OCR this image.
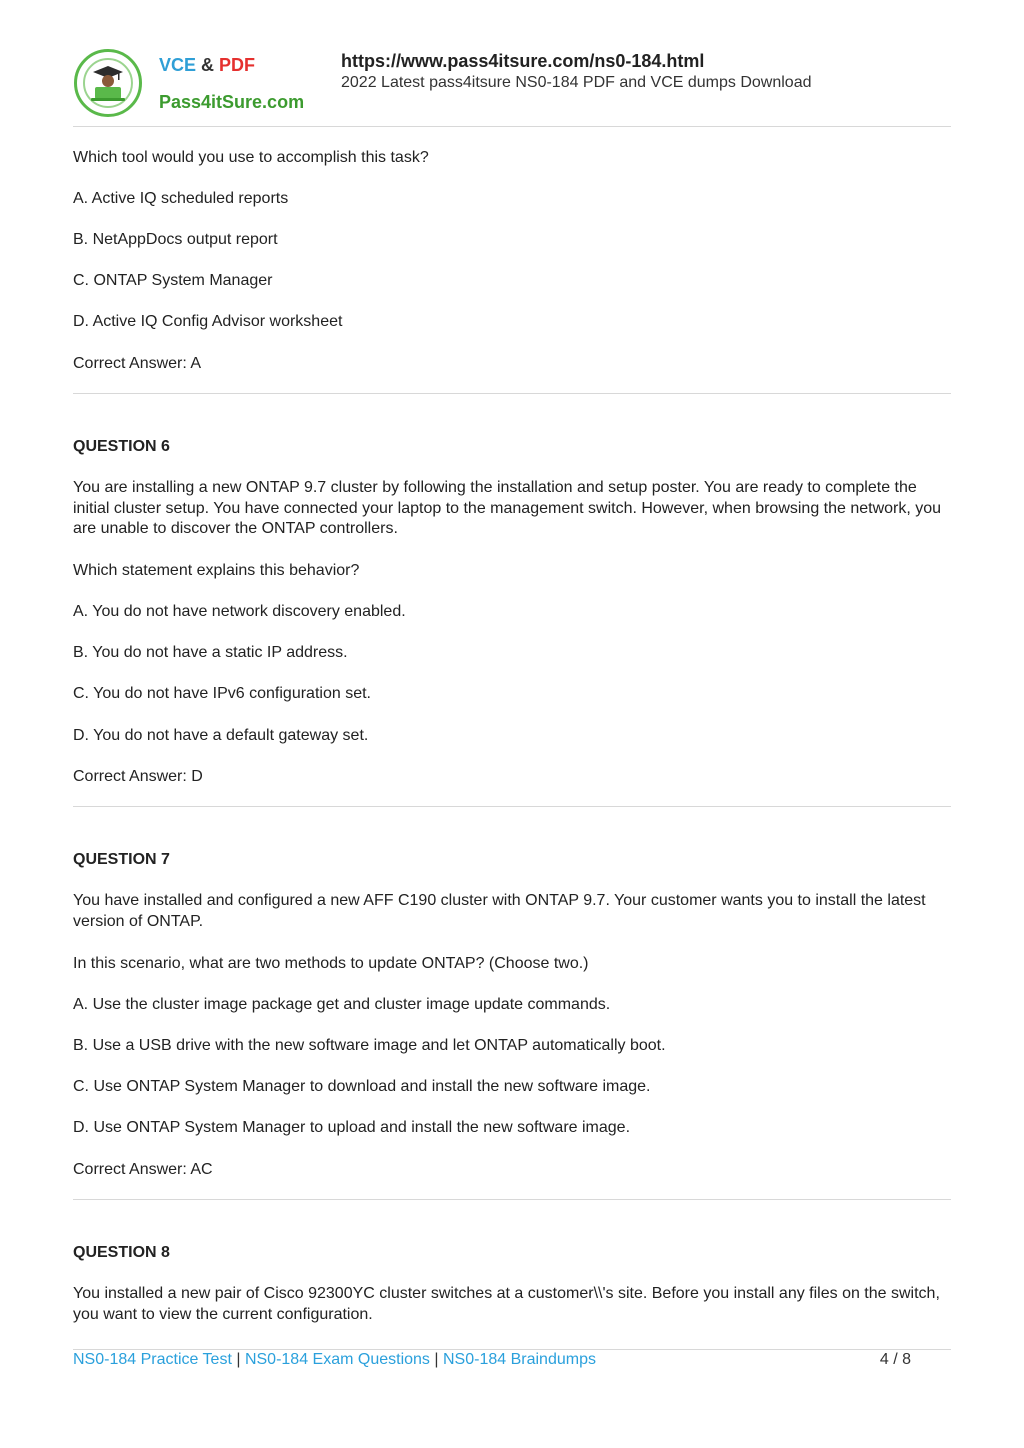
VCE & PDF
Pass4itSure.com
https://www.pass4itsure.com/ns0-184.html
2022 Latest pass4itsure NS0-184 PDF and VCE dumps Download
Which tool would you use to accomplish this task?
A. Active IQ scheduled reports
B. NetAppDocs output report
C. ONTAP System Manager
D. Active IQ Config Advisor worksheet
Correct Answer: A
QUESTION 6
You are installing a new ONTAP 9.7 cluster by following the installation and setup poster. You are ready to complete the initial cluster setup. You have connected your laptop to the management switch. However, when browsing the network, you are unable to discover the ONTAP controllers.
Which statement explains this behavior?
A. You do not have network discovery enabled.
B. You do not have a static IP address.
C. You do not have IPv6 configuration set.
D. You do not have a default gateway set.
Correct Answer: D
QUESTION 7
You have installed and configured a new AFF C190 cluster with ONTAP 9.7. Your customer wants you to install the latest version of ONTAP.
In this scenario, what are two methods to update ONTAP? (Choose two.)
A. Use the cluster image package get and cluster image update commands.
B. Use a USB drive with the new software image and let ONTAP automatically boot.
C. Use ONTAP System Manager to download and install the new software image.
D. Use ONTAP System Manager to upload and install the new software image.
Correct Answer: AC
QUESTION 8
You installed a new pair of Cisco 92300YC cluster switches at a customer\\'s site. Before you install any files on the switch, you want to view the current configuration.
NS0-184 Practice Test | NS0-184 Exam Questions | NS0-184 Braindumps	4 / 8
